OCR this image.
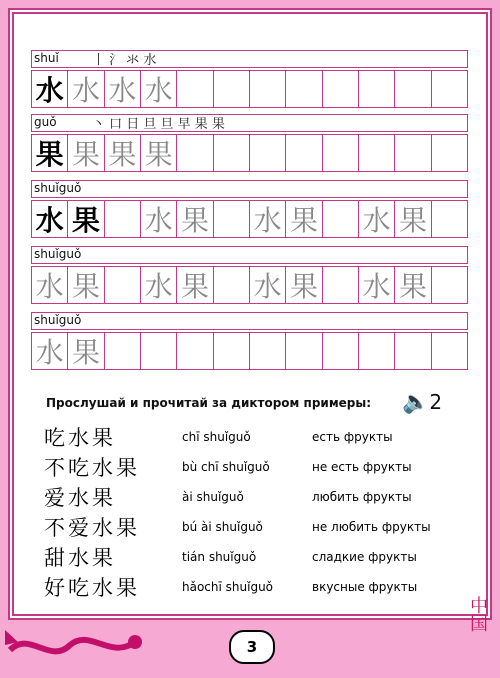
shuǐ	丨 ⺡ 氺 水
水 水 水 水
guǒ	丶 口 日 旦 旦 早 果 果
果 果 果 果
shuǐguǒ
水 果 水 果 水 果 水 果
shuǐguǒ
水 果 水 果 水 果 水 果
shuǐguǒ
水 果
Прослушай и прочитай за диктором примеры: 🔈2
吃水果	chī shuǐguǒ	есть фрукты
不吃水果	bù chī shuǐguǒ	не есть фрукты
爱水果	ài shuǐguǒ	любить фрукты
不爱水果	bú ài shuǐguǒ	не любить фрукты
甜水果	tián shuǐguǒ	сладкие фрукты
好吃水果	hǎochī shuǐguǒ	вкусные фрукты
3
中国
